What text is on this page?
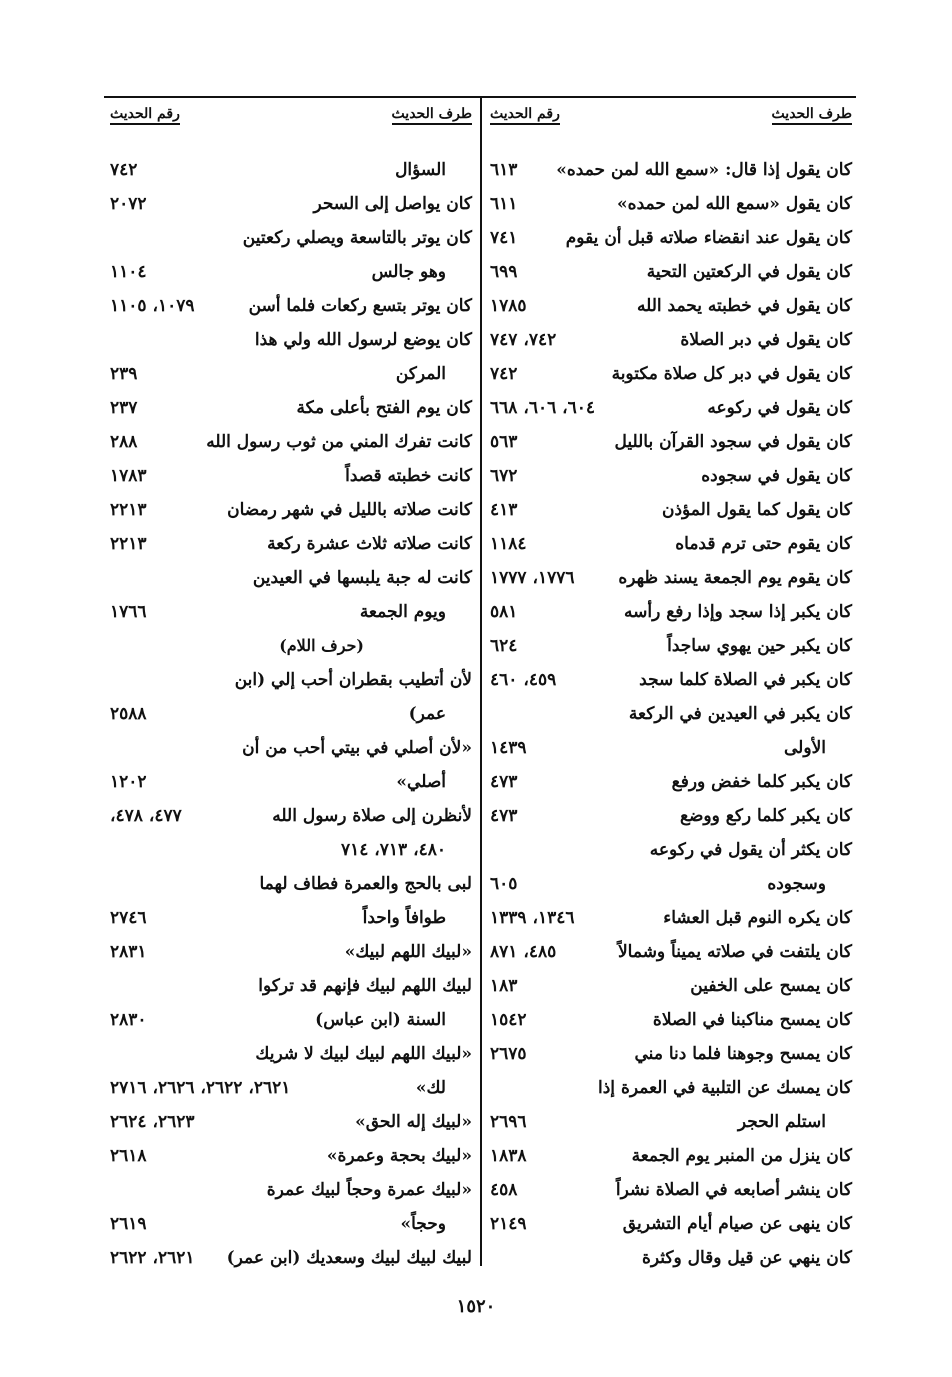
طرف الحديث
رقم الحديث
كان يقول إذا قال: «سمع الله لمن حمده»
٦١٣
كان يقول «سمع الله لمن حمده»
٦١١
كان يقول عند انقضاء صلاته قبل أن يقوم
٧٤١
كان يقول في الركعتين التحية
٦٩٩
كان يقول في خطبته يحمد الله
١٧٨٥
كان يقول في دبر الصلاة
٧٤٢، ٧٤٧
كان يقول في دبر كل صلاة مكتوبة
٧٤٢
كان يقول في ركوعه
٦٠٤، ٦٠٦، ٦٦٨
كان يقول في سجود القرآن بالليل
٥٦٣
كان يقول في سجوده
٦٧٢
كان يقول كما يقول المؤذن
٤١٣
كان يقوم حتى ترم قدماه
١١٨٤
كان يقوم يوم الجمعة يسند ظهره
١٧٧٦، ١٧٧٧
كان يكبر إذا سجد وإذا رفع رأسه
٥٨١
كان يكبر حين يهوي ساجداً
٦٢٤
كان يكبر في الصلاة كلما سجد
٤٥٩، ٤٦٠
كان يكبر في العيدين في الركعة
الأولى
١٤٣٩
كان يكبر كلما خفض ورفع
٤٧٣
كان يكبر كلما ركع ووضع
٤٧٣
كان يكثر أن يقول في ركوعه
وسجوده
٦٠٥
كان يكره النوم قبل العشاء
١٣٤٦، ١٣٣٩
كان يلتفت في صلاته يميناً وشمالاً
٤٨٥، ٨٧١
كان يمسح على الخفين
١٨٣
كان يمسح مناكبنا في الصلاة
١٥٤٢
كان يمسح وجوهنا فلما دنا مني
٢٦٧٥
كان يمسك عن التلبية في العمرة إذا
استلم الحجر
٢٦٩٦
كان ينزل من المنبر يوم الجمعة
١٨٣٨
كان ينشر أصابعه في الصلاة نشراً
٤٥٨
كان ينهى عن صيام أيام التشريق
٢١٤٩
كان ينهي عن قيل وقال وكثرة
طرف الحديث
رقم الحديث
السؤال
٧٤٢
كان يواصل إلى السحر
٢٠٧٢
كان يوتر بالتاسعة ويصلي ركعتين
وهو جالس
١١٠٤
كان يوتر بتسع ركعات فلما أسن
١٠٧٩، ١١٠٥
كان يوضع لرسول الله ولي هذا
المركن
٢٣٩
كان يوم الفتح بأعلى مكة
٢٣٧
كانت تفرك المني من ثوب رسول الله
٢٨٨
كانت خطبته قصداً
١٧٨٣
كانت صلاته بالليل في شهر رمضان
٢٢١٣
كانت صلاته ثلاث عشرة ركعة
٢٢١٣
كانت له جبة يلبسها في العيدين
ويوم الجمعة
١٧٦٦
(حرف اللام)
لأن أتطيب بقطران أحب إلي (ابن
عمر)
٢٥٨٨
«لأن أصلي في بيتي أحب من أن
أصلي»
١٢٠٢
لأنظرن إلى صلاة رسول الله
٤٧٧، ٤٧٨،
٤٨٠، ٧١٣، ٧١٤
لبى بالحج والعمرة فطاف لهما
طوافاً واحداً
٢٧٤٦
«لبيك اللهم لبيك»
٢٨٣١
لبيك اللهم لبيك فإنهم قد تركوا
السنة (ابن عباس)
٢٨٣٠
«لبيك اللهم لبيك لبيك لا شريك
لك»
٢٦٢١، ٢٦٢٢، ٢٦٢٦، ٢٧١٦
«لبيك إله الحق»
٢٦٢٣، ٢٦٢٤
«لبيك بحجة وعمرة»
٢٦١٨
«لبيك عمرة وحجاً لبيك عمرة
وحجاً»
٢٦١٩
لبيك لبيك لبيك وسعديك (ابن عمر)
٢٦٢١، ٢٦٢٢
١٥٢٠
